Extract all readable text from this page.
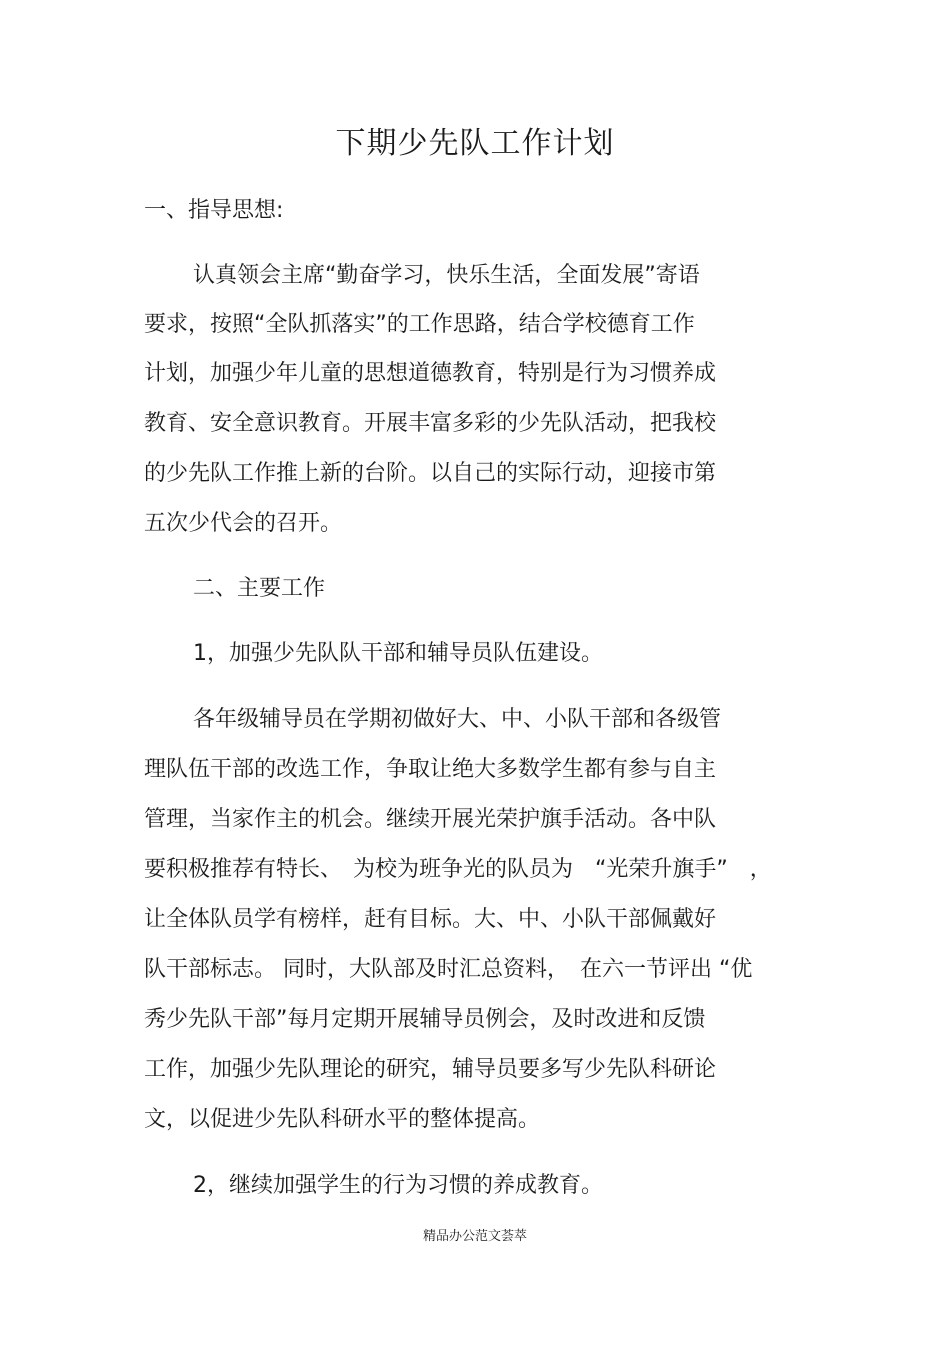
下期少先队工作计划
一、指导思想:
认真领会主席“勤奋学习，快乐生活，全面发展”寄语
要求，按照“全队抓落实”的工作思路，结合学校德育工作
计划，加强少年儿童的思想道德教育，特别是行为习惯养成
教育、安全意识教育。开展丰富多彩的少先队活动，把我校
的少先队工作推上新的台阶。以自己的实际行动，迎接市第
五次少代会的召开。
二、主要工作
1，加强少先队队干部和辅导员队伍建设。
各年级辅导员在学期初做好大、中、小队干部和各级管
理队伍干部的改选工作，争取让绝大多数学生都有参与自主
管理，当家作主的机会。继续开展光荣护旗手活动。各中队
要积极推荐有特长、　为校为班争光的队员为　“光荣升旗手”　，
让全体队员学有榜样，赶有目标。大、中、小队干部佩戴好
队干部标志。 同时，大队部及时汇总资料，　在六一节评出 “优
秀少先队干部”每月定期开展辅导员例会，及时改进和反馈
工作，加强少先队理论的研究，辅导员要多写少先队科研论
文，以促进少先队科研水平的整体提高。
2，继续加强学生的行为习惯的养成教育。
精品办公范文荟萃
